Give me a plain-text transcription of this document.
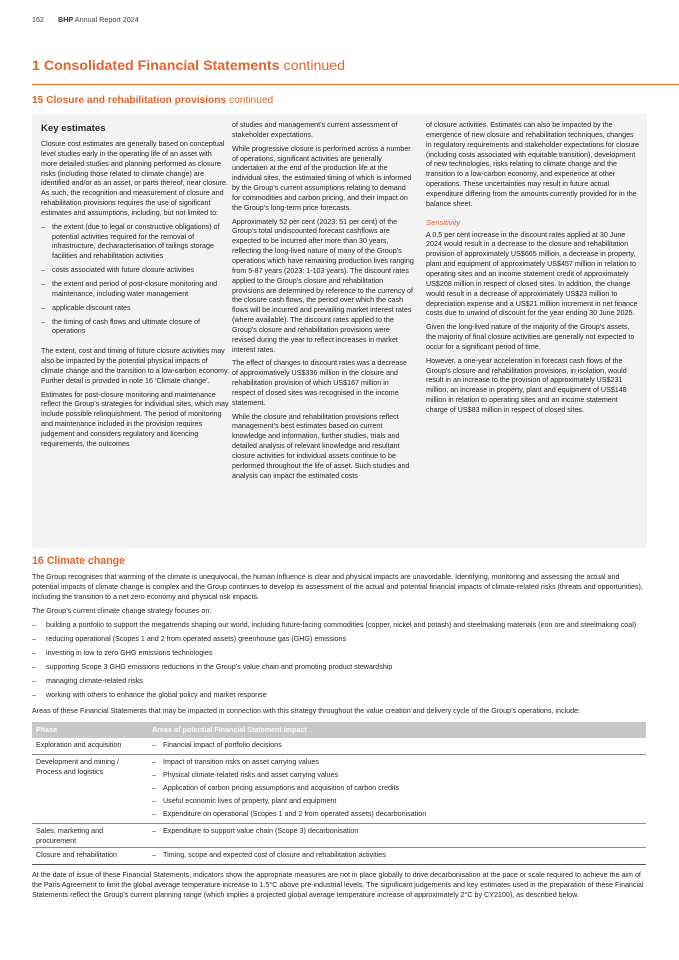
162 BHP Annual Report 2024
1 Consolidated Financial Statements continued
15 Closure and rehabilitation provisions continued
Key estimates

Closure cost estimates are generally based on conceptual level studies early in the operating life of an asset with more detailed studies and planning performed as closure risks (including those related to climate change) are identified and/or as an asset, or parts thereof, near closure. As such, the recognition and measurement of closure and rehabilitation provisions requires the use of significant estimates and assumptions, including, but not limited to:

– the extent (due to legal or constructive obligations) of potential activities required for the removal of infrastructure, decharacterisation of tailings storage facilities and rehabilitation activities
– costs associated with future closure activities
– the extent and period of post-closure monitoring and maintenance, including water management
– applicable discount rates
– the timing of cash flows and ultimate closure of operations

The extent, cost and timing of future closure activities may also be impacted by the potential physical impacts of climate change and the transition to a low-carbon economy. Further detail is provided in note 16 ‘Climate change’.

Estimates for post-closure monitoring and maintenance reflect the Group’s strategies for individual sites, which may include possible relinquishment. The period of monitoring and maintenance included in the provision requires judgement and considers regulatory and licencing requirements, the outcomes

of studies and management’s current assessment of stakeholder expectations.

While progressive closure is performed across a number of operations, significant activities are generally undertaken at the end of the production life at the individual sites, the estimated timing of which is informed by the Group’s current assumptions relating to demand for commodities and carbon pricing, and their impact on the Group’s long-term price forecasts.

Approximately 52 per cent (2023: 51 per cent) of the Group’s total undiscounted forecast cashflows are expected to be incurred after more than 30 years, reflecting the long-lived nature of many of the Group’s operations which have remaining production lives ranging from 5-87 years (2023: 1-103 years). The discount rates applied to the Group’s closure and rehabilitation provisions are determined by reference to the currency of the closure cash flows, the period over which the cash flows will be incurred and prevailing market interest rates (where available). The discount rates applied to the Group’s closure and rehabilitation provisions were revised during the year to reflect increases in market interest rates.

The effect of changes to discount rates was a decrease of approximatively US$336 million in the closure and rehabilitation provision of which US$167 million in respect of closed sites was recognised in the income statement.

While the closure and rehabilitation provisions reflect management’s best estimates based on current knowledge and information, further studies, trials and detailed analysis of relevant knowledge and resultant closure activities for individual assets continue to be performed throughout the life of asset. Such studies and analysis can impact the estimated costs

of closure activities. Estimates can also be impacted by the emergence of new closure and rehabilitation techniques, changes in regulatory requirements and stakeholder expectations for closure (including costs associated with equitable transition), development of new technologies, risks relating to climate change and the transition to a low-carbon economy, and experience at other operations. These uncertainties may result in future actual expenditure differing from the amounts currently provided for in the balance sheet.

Sensitivity

A 0.5 per cent increase in the discount rates applied at 30 June 2024 would result in a decrease to the closure and rehabilitation provision of approximately US$665 million, a decrease in property, plant and equipment of approximately US$457 million in relation to operating sites and an income statement credit of approximately US$208 million in respect of closed sites. In addition, the change would result in a decrease of approximately US$23 million to depreciation expense and a US$21 million increment in net finance costs due to unwind of discount for the year ending 30 June 2025.

Given the long-lived nature of the majority of the Group’s assets, the majority of final closure activities are generally not expected to occur for a significant period of time.

However, a one-year acceleration in forecast cash flows of the Group’s closure and rehabilitation provisions, in isolation, would result in an increase to the provision of approximately US$231 million, an increase in property, plant and equipment of US$148 million in relation to operating sites and an income statement charge of US$83 million in respect of closed sites.

16 Climate change

The Group recognises that warming of the climate is unequivocal, the human influence is clear and physical impacts are unavoidable. Identifying, monitoring and assessing the actual and potential impacts of climate change is complex and the Group continues to develop its assessment of the actual and potential financial impacts of climate-related risks (threats and opportunities), including the transition to a net zero economy and physical risk impacts.

The Group’s current climate change strategy focuses on:

– building a portfolio to support the megatrends shaping our world, including future-facing commodities (copper, nickel and potash) and steelmaking materials (iron ore and steelmaking coal)
– reducing operational (Scopes 1 and 2 from operated assets) greenhouse gas (GHG) emissions
– investing in low to zero GHG emissions technologies
– supporting Scope 3 GHG emissions reductions in the Group’s value chain and promoting product stewardship
– managing climate-related risks
– working with others to enhance the global policy and market response

Areas of these Financial Statements that may be impacted in connection with this strategy throughout the value creation and delivery cycle of the Group’s operations, include:

Phase	Areas of potential Financial Statement impact
Exploration and acquisition	– Financial impact of portfolio decisions

Development and mining / Process and logistics	– Impact of transition risks on asset carrying values
– Physical climate-related risks and asset carrying values
– Application of carbon pricing assumptions and acquisition of carbon credits
– Useful economic lives of property, plant and equipment
– Expenditure on operational (Scopes 1 and 2 from operated assets) decarbonisation

Sales, marketing and procurement	– Expenditure to support value chain (Scope 3) decarbonisation

Closure and rehabilitation	– Timing, scope and expected cost of closure and rehabilitation activities

At the date of issue of these Financial Statements, indicators show the appropriate measures are not in place globally to drive decarbonisation at the pace or scale required to achieve the aim of the Paris Agreement to limit the global average temperature increase to 1.5°C above pre-industrial levels. The significant judgements and key estimates used in the preparation of these Financial Statements reflect the Group’s current planning range (which implies a projected global average temperature increase of approximately 2°C by CY2100), as described below.
